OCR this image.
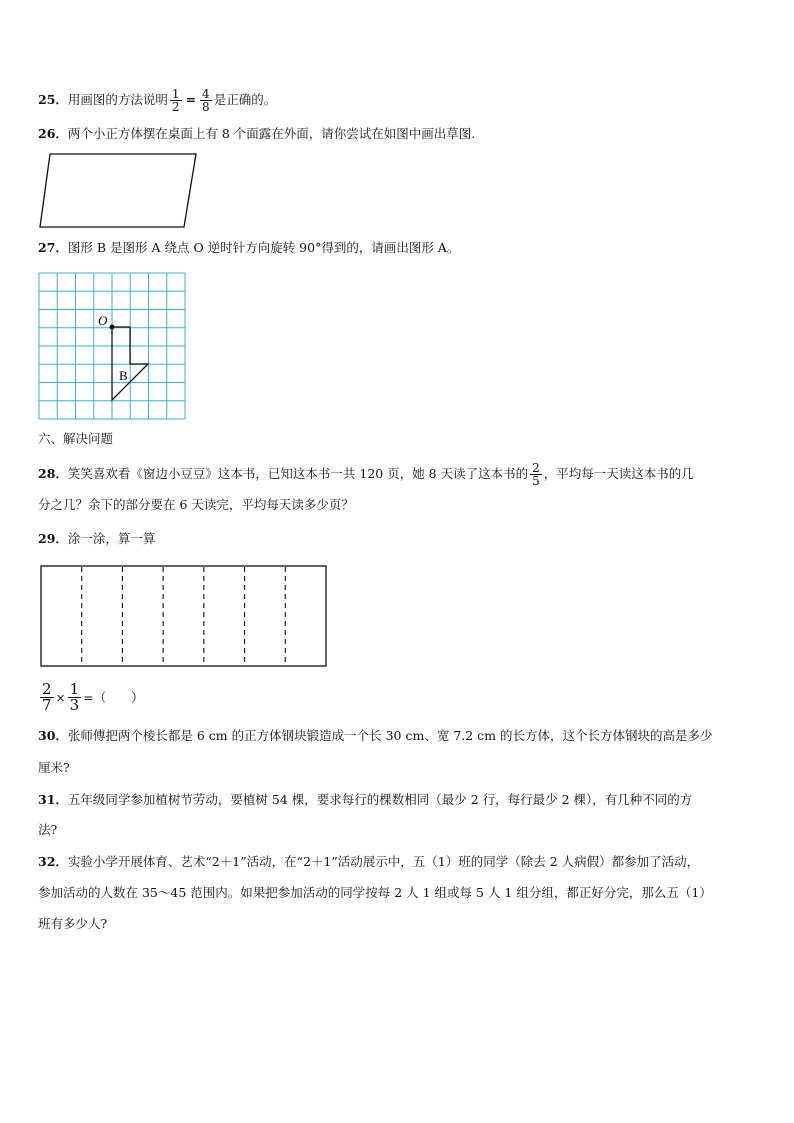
25．用画图的方法说明 $\frac{1}{2} = \frac{4}{8}$ 是正确的。
26．两个小正方体摆在桌面上有 8 个面露在外面，请你尝试在如图中画出草图.
27．图形 B 是图形 A 绕点 O 逆时针方向旋转 90°得到的，请画出图形 A。
O
B
六、解决问题
28．笑笑喜欢看《窗边小豆豆》这本书，已知这本书一共 120 页，她 8 天读了这本书的 $\frac{2}{5}$ ，平均每一天读这本书的几
分之几？余下的部分要在 6 天读完，平均每天读多少页？
29．涂一涂，算一算
$\frac{2}{7} \times \frac{1}{3}$ =（　　）
30．张师傅把两个棱长都是 6 cm 的正方体钢块锻造成一个长 30 cm、宽 7.2 cm 的长方体，这个长方体钢块的高是多少
厘米?
31．五年级同学参加植树节劳动，要植树 54 棵，要求每行的棵数相同（最少 2 行，每行最少 2 棵），有几种不同的方
法?
32．实验小学开展体育、艺术“2＋1”活动，在“2＋1”活动展示中，五（1）班的同学（除去 2 人病假）都参加了活动，
参加活动的人数在 35～45 范围内。如果把参加活动的同学按每 2 人 1 组或每 5 人 1 组分组，都正好分完，那么五（1）
班有多少人?
